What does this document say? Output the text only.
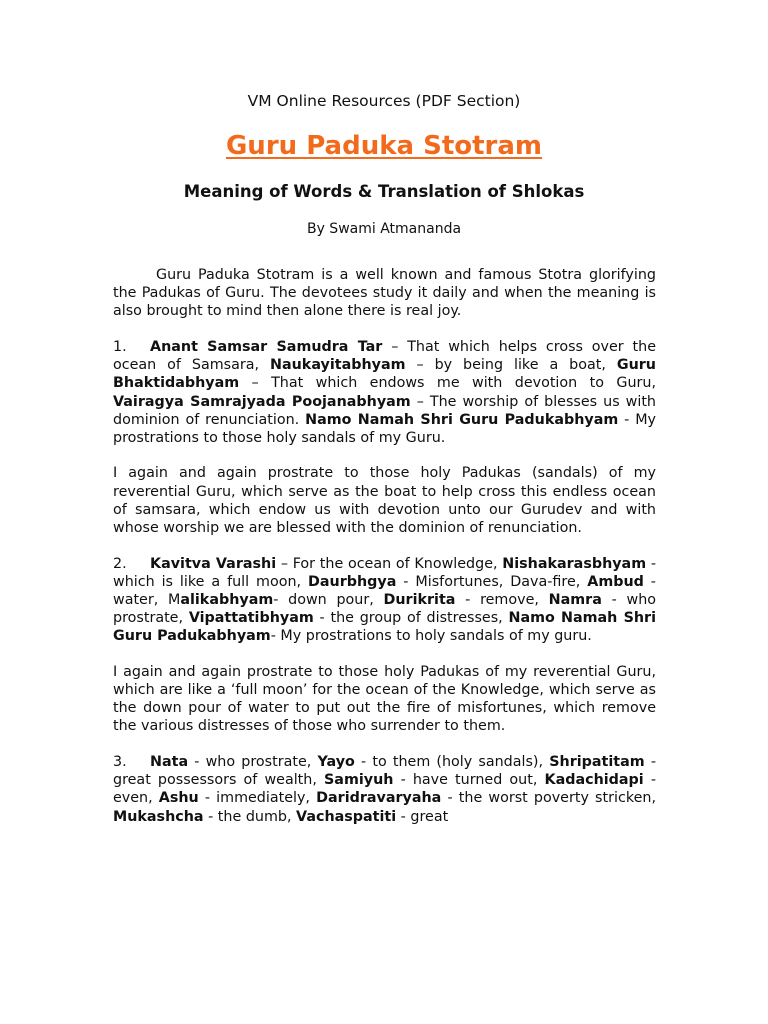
VM Online Resources (PDF Section)
Guru Paduka Stotram
Meaning of Words & Translation of Shlokas
By Swami Atmananda

Guru Paduka Stotram is a well known and famous Stotra glorifying the Padukas of Guru. The devotees study it daily and when the meaning is also brought to mind then alone there is real joy.

1. Anant Samsar Samudra Tar – That which helps cross over the ocean of Samsara, Naukayitabhyam – by being like a boat, Guru Bhaktidabhyam – That which endows me with devotion to Guru, Vairagya Samrajyada Poojanabhyam – The worship of blesses us with dominion of renunciation. Namo Namah Shri Guru Padukabhyam - My prostrations to those holy sandals of my Guru.

I again and again prostrate to those holy Padukas (sandals) of my reverential Guru, which serve as the boat to help cross this endless ocean of samsara, which endow us with devotion unto our Gurudev and with whose worship we are blessed with the dominion of renunciation.

2. Kavitva Varashi – For the ocean of Knowledge, Nishakarasbhyam - which is like a full moon, Daurbhgya - Misfortunes, Dava-fire, Ambud - water, Malikabhyam- down pour, Durikrita - remove, Namra - who prostrate, Vipattatibhyam - the group of distresses, Namo Namah Shri Guru Padukabhyam- My prostrations to holy sandals of my guru.

I again and again prostrate to those holy Padukas of my reverential Guru, which are like a ‘full moon’ for the ocean of the Knowledge, which serve as the down pour of water to put out the fire of misfortunes, which remove the various distresses of those who surrender to them.

3. Nata - who prostrate, Yayo - to them (holy sandals), Shripatitam - great possessors of wealth, Samiyuh - have turned out, Kadachidapi - even, Ashu - immediately, Daridravaryaha - the worst poverty stricken, Mukashcha - the dumb, Vachaspatiti - great
